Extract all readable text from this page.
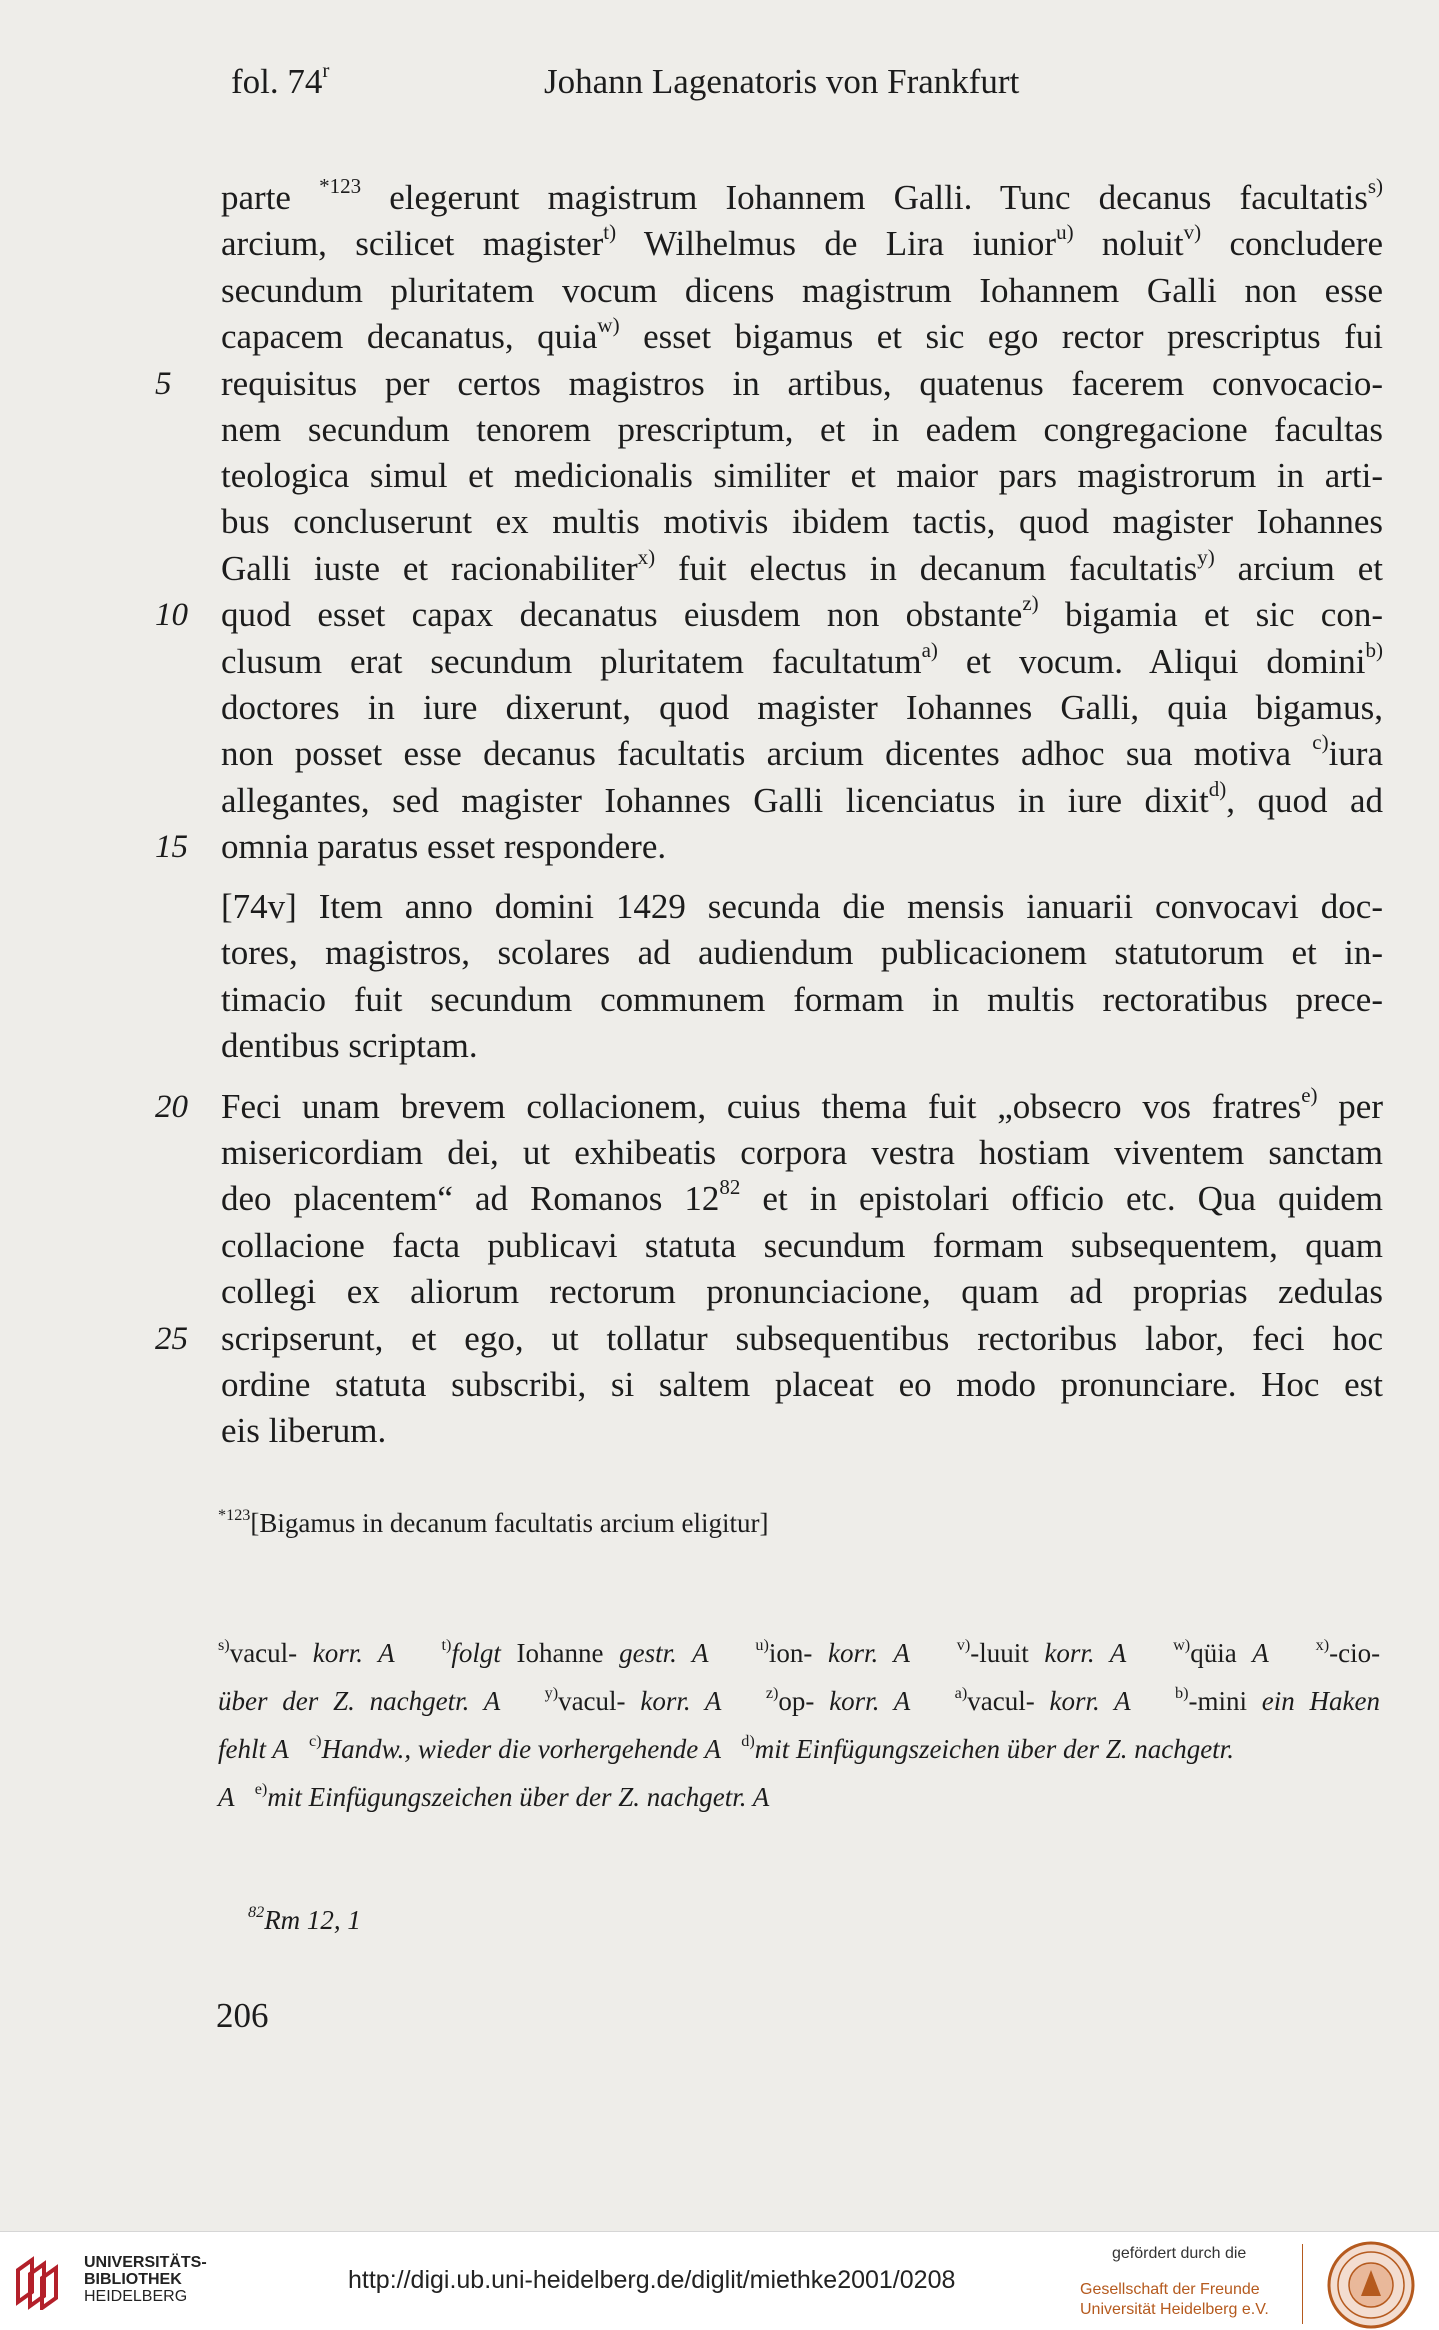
fol. 74$^r$	Johann Lagenatoris von Frankfurt
parte $^{*123}$ elegerunt magistrum Iohannem Galli. Tunc decanus facultatis$^{s)}$
arcium, scilicet magister$^{t)}$ Wilhelmus de Lira iunior$^{u)}$ noluit$^{v)}$ concludere
secundum pluritatem vocum dicens magistrum Iohannem Galli non esse
capacem decanatus, quia$^{w)}$ esset bigamus et sic ego rector prescriptus fui
requisitus per certos magistros in artibus, quatenus facerem convocacio-
nem secundum tenorem prescriptum, et in eadem congregacione facultas
teologica simul et medicionalis similiter et maior pars magistrorum in arti-
bus concluserunt ex multis motivis ibidem tactis, quod magister Iohannes
Galli iuste et racionabiliter$^{x)}$ fuit electus in decanum facultatis$^{y)}$ arcium et
quod esset capax decanatus eiusdem non obstante$^{z)}$ bigamia et sic con-
clusum erat secundum pluritatem facultatum$^{a)}$ et vocum. Aliqui domini$^{b)}$
doctores in iure dixerunt, quod magister Iohannes Galli, quia bigamus,
non posset esse decanus facultatis arcium dicentes adhoc sua motiva $^{c)}$iura
allegantes, sed magister Iohannes Galli licenciatus in iure dixit$^{d)}$, quod ad
omnia paratus esset respondere.
[74v] Item anno domini 1429 secunda die mensis ianuarii convocavi doc-
tores, magistros, scolares ad audiendum publicacionem statutorum et in-
timacio fuit secundum communem formam in multis rectoratibus prece-
dentibus scriptam.
Feci unam brevem collacionem, cuius thema fuit „obsecro vos fratres$^{e)}$ per
misericordiam dei, ut exhibeatis corpora vestra hostiam viventem sanctam
deo placentem“ ad Romanos $12^{82}$ et in epistolari officio etc. Qua quidem
collacione facta publicavi statuta secundum formam subsequentem, quam
collegi ex aliorum rectorum pronunciacione, quam ad proprias zedulas
scripserunt, et ego, ut tollatur subsequentibus rectoribus labor, feci hoc
ordine statuta subscribi, si saltem placeat eo modo pronunciare. Hoc est
eis liberum.
5
10
15
20
25
$^{*123}$[Bigamus in decanum facultatis arcium eligitur]
$^{s)}$vacul- korr. A	$^{t)}$folgt Iohanne gestr. A	$^{u)}$ion- korr. A	$^{v)}$-luuit korr. A	$^{w)}$qüia A	$^{x)}$-cio-
über der Z. nachgetr. A	$^{y)}$vacul- korr. A	$^{z)}$op- korr. A	$^{a)}$vacul- korr. A	$^{b)}$-mini ein Haken
fehlt A $^{c)}$Handw., wieder die vorhergehende A $^{d)}$mit Einfügungszeichen über der Z. nachgetr.
A $^{e)}$mit Einfügungszeichen über der Z. nachgetr. A
$^{82}$Rm 12, 1
206
UNIVERSITÄTS-
BIBLIOTHEK
HEIDELBERG
http://digi.ub.uni-heidelberg.de/diglit/miethke2001/0208
gefördert durch die
Gesellschaft der Freunde
Universität Heidelberg e.V.
